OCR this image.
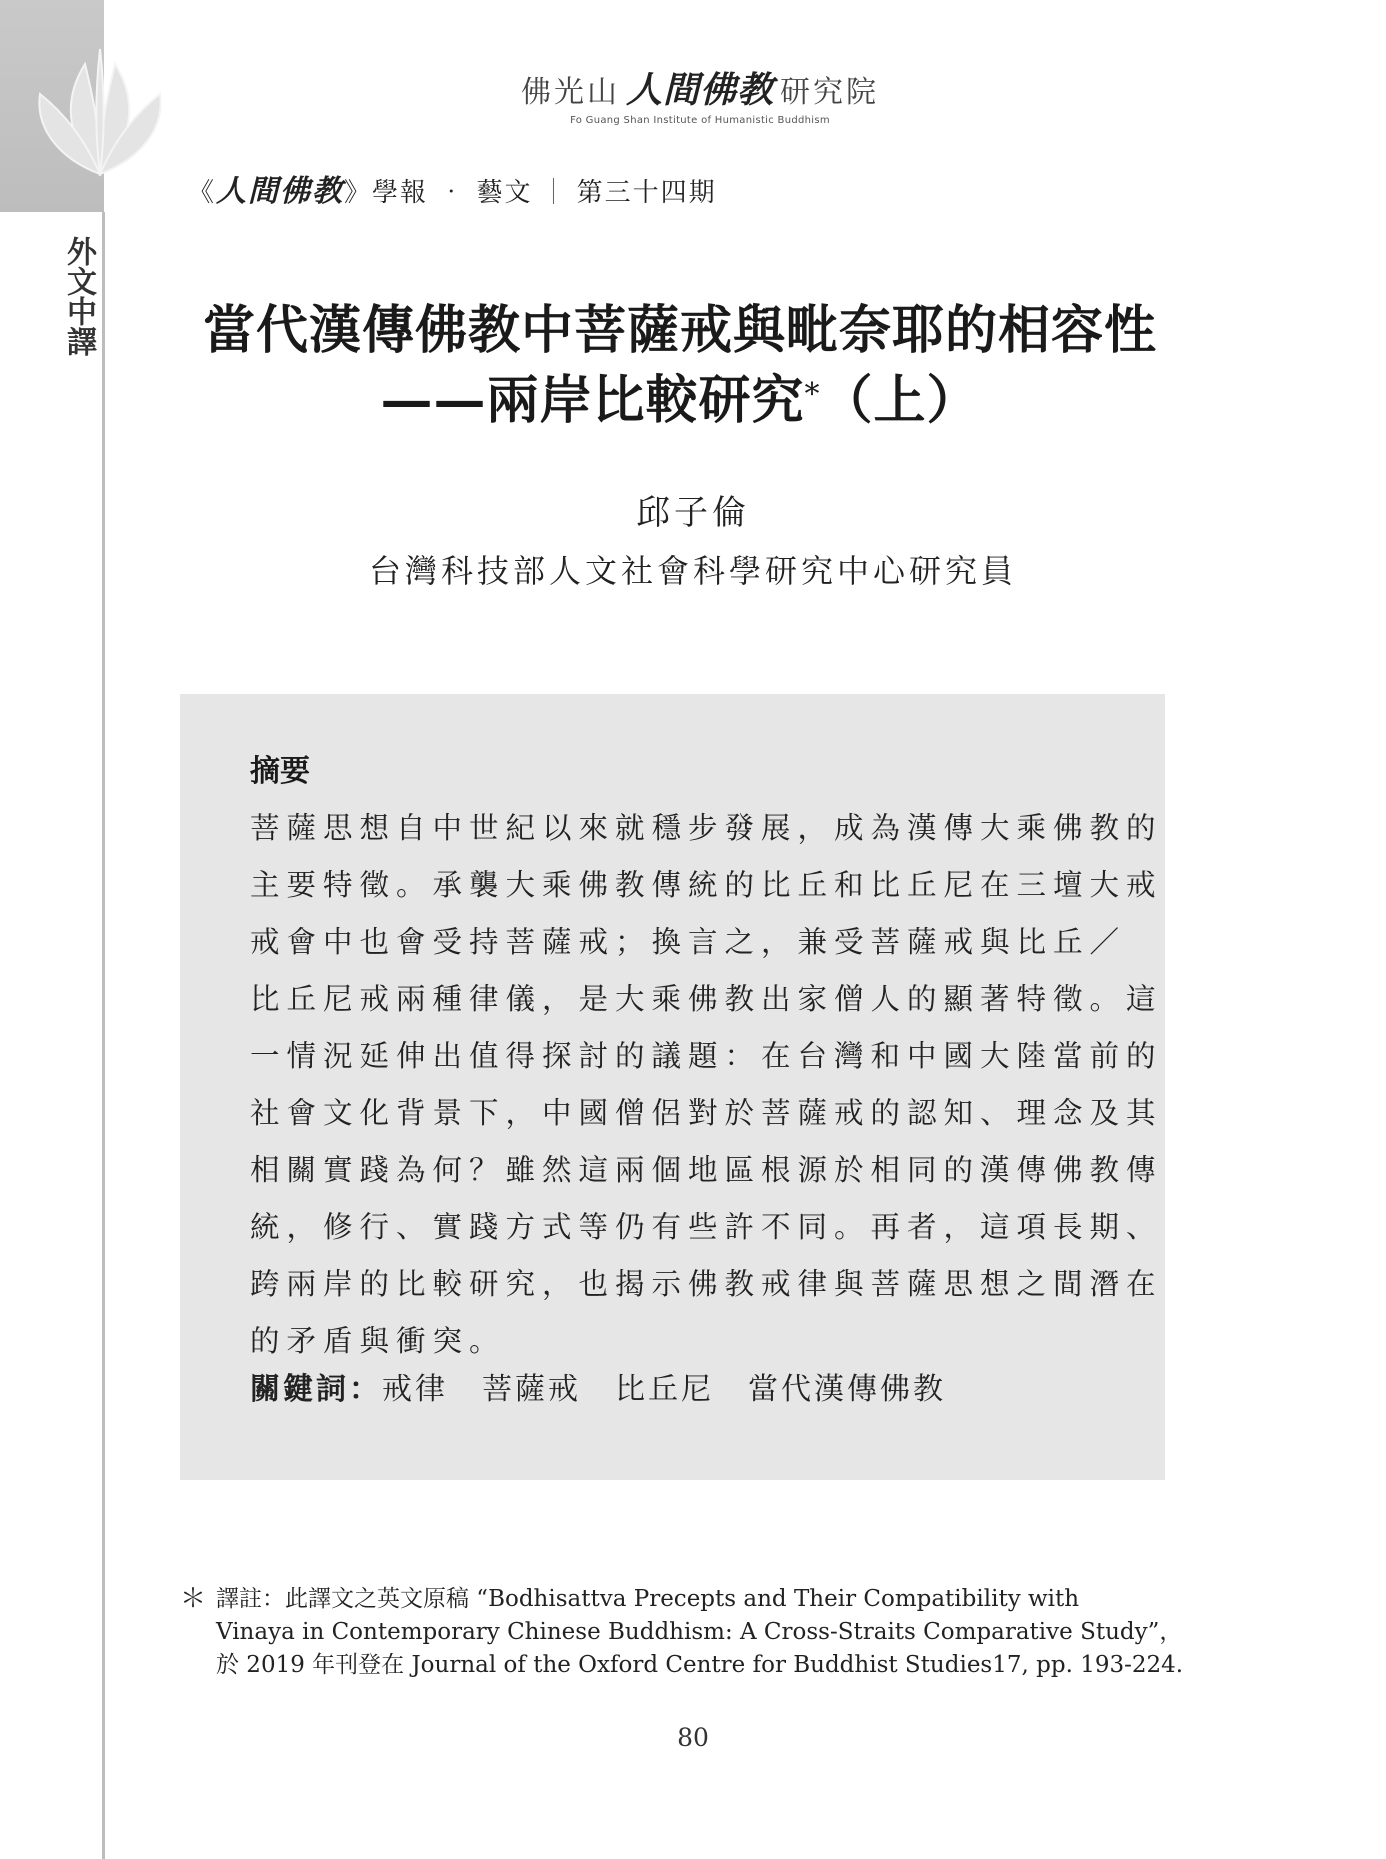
外文中譯
佛光山 人間佛教 研究院
Fo Guang Shan Institute of Humanistic Buddhism
《人間佛教》學報 ‧ 藝文 ｜ 第三十四期
當代漢傳佛教中菩薩戒與毗奈耶的相容性
——兩岸比較研究*（上）
邱子倫
台灣科技部人文社會科學研究中心研究員
摘要
菩薩思想自中世紀以來就穩步發展，成為漢傳大乘佛教的
主要特徵。承襲大乘佛教傳統的比丘和比丘尼在三壇大戒
戒會中也會受持菩薩戒；換言之，兼受菩薩戒與比丘／
比丘尼戒兩種律儀，是大乘佛教出家僧人的顯著特徵。這
一情況延伸出值得探討的議題：在台灣和中國大陸當前的
社會文化背景下，中國僧侶對於菩薩戒的認知、理念及其
相關實踐為何？雖然這兩個地區根源於相同的漢傳佛教傳
統，修行、實踐方式等仍有些許不同。再者，這項長期、
跨兩岸的比較研究，也揭示佛教戒律與菩薩思想之間潛在
的矛盾與衝突。
關鍵詞：戒律 菩薩戒 比丘尼 當代漢傳佛教
＊ 譯註：此譯文之英文原稿 “Bodhisattva Precepts and Their Compatibility with
Vinaya in Contemporary Chinese Buddhism: A Cross-Straits Comparative Study”，
於 2019 年刊登在 Journal of the Oxford Centre for Buddhist Studies17, pp. 193-224.
80
